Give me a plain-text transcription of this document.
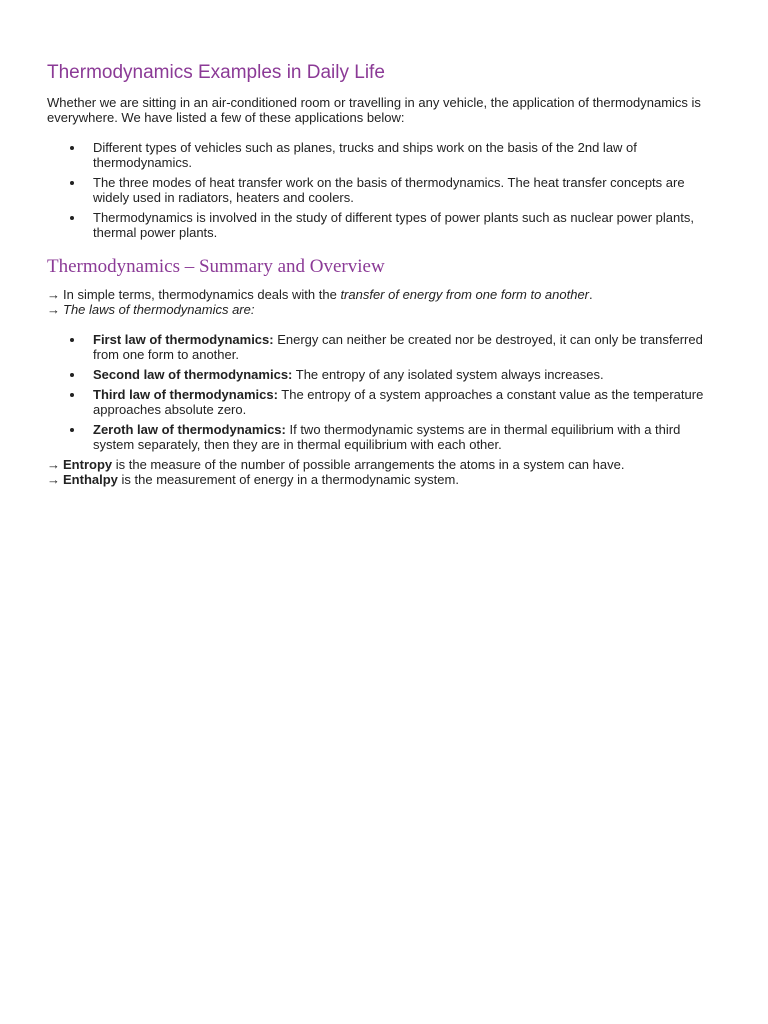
Thermodynamics Examples in Daily Life

Whether we are sitting in an air-conditioned room or travelling in any vehicle, the application of thermodynamics is everywhere. We have listed a few of these applications below:

Different types of vehicles such as planes, trucks and ships work on the basis of the 2nd law of thermodynamics.
The three modes of heat transfer work on the basis of thermodynamics. The heat transfer concepts are widely used in radiators, heaters and coolers.
Thermodynamics is involved in the study of different types of power plants such as nuclear power plants, thermal power plants.
Thermodynamics – Summary and Overview

→ In simple terms, thermodynamics deals with the transfer of energy from one form to another.

→ The laws of thermodynamics are:

First law of thermodynamics: Energy can neither be created nor be destroyed, it can only be transferred from one form to another.
Second law of thermodynamics: The entropy of any isolated system always increases.
Third law of thermodynamics: The entropy of a system approaches a constant value as the temperature approaches absolute zero.
Zeroth law of thermodynamics: If two thermodynamic systems are in thermal equilibrium with a third system separately, then they are in thermal equilibrium with each other.

→ Entropy is the measure of the number of possible arrangements the atoms in a system can have.

→ Enthalpy is the measurement of energy in a thermodynamic system.
